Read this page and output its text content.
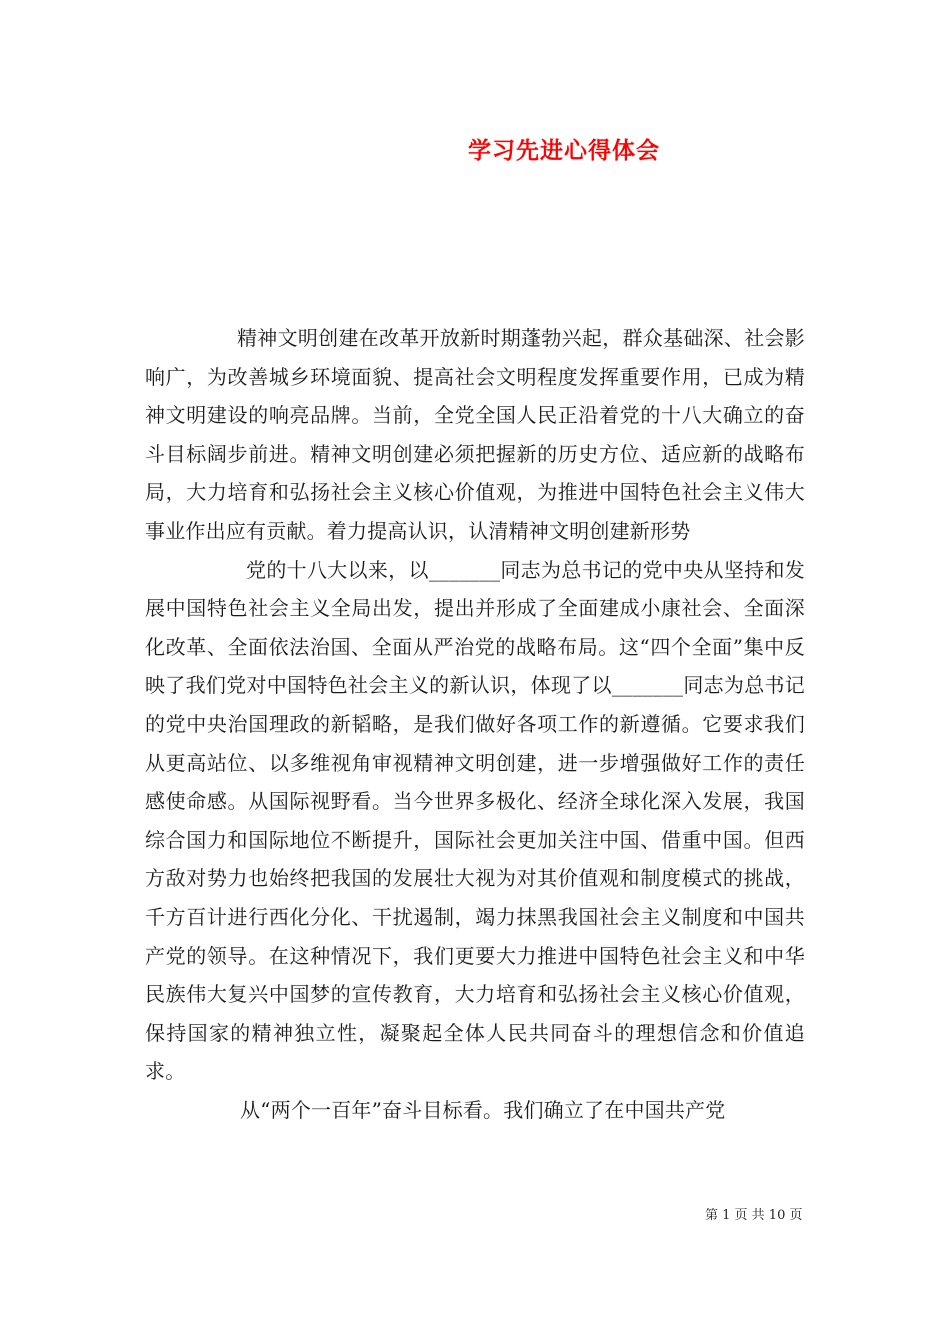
学习先进心得体会

精神文明创建在改革开放新时期蓬勃兴起，群众基础深、社会影响广，为改善城乡环境面貌、提高社会文明程度发挥重要作用，已成为精神文明建设的响亮品牌。当前，全党全国人民正沿着党的十八大确立的奋斗目标阔步前进。精神文明创建必须把握新的历史方位、适应新的战略布局，大力培育和弘扬社会主义核心价值观，为推进中国特色社会主义伟大事业作出应有贡献。着力提高认识，认清精神文明创建新形势

党的十八大以来，以_______同志为总书记的党中央从坚持和发展中国特色社会主义全局出发，提出并形成了全面建成小康社会、全面深化改革、全面依法治国、全面从严治党的战略布局。这“四个全面”集中反映了我们党对中国特色社会主义的新认识，体现了以_______同志为总书记的党中央治国理政的新韬略，是我们做好各项工作的新遵循。它要求我们从更高站位、以多维视角审视精神文明创建，进一步增强做好工作的责任感使命感。从国际视野看。当今世界多极化、经济全球化深入发展，我国综合国力和国际地位不断提升，国际社会更加关注中国、借重中国。但西方敌对势力也始终把我国的发展壮大视为对其价值观和制度模式的挑战，千方百计进行西化分化、干扰遏制，竭力抹黑我国社会主义制度和中国共产党的领导。在这种情况下，我们更要大力推进中国特色社会主义和中华民族伟大复兴中国梦的宣传教育，大力培育和弘扬社会主义核心价值观，保持国家的精神独立性，凝聚起全体人民共同奋斗的理想信念和价值追求。

从“两个一百年”奋斗目标看。我们确立了在中国共产党

第 1 页 共 10 页
